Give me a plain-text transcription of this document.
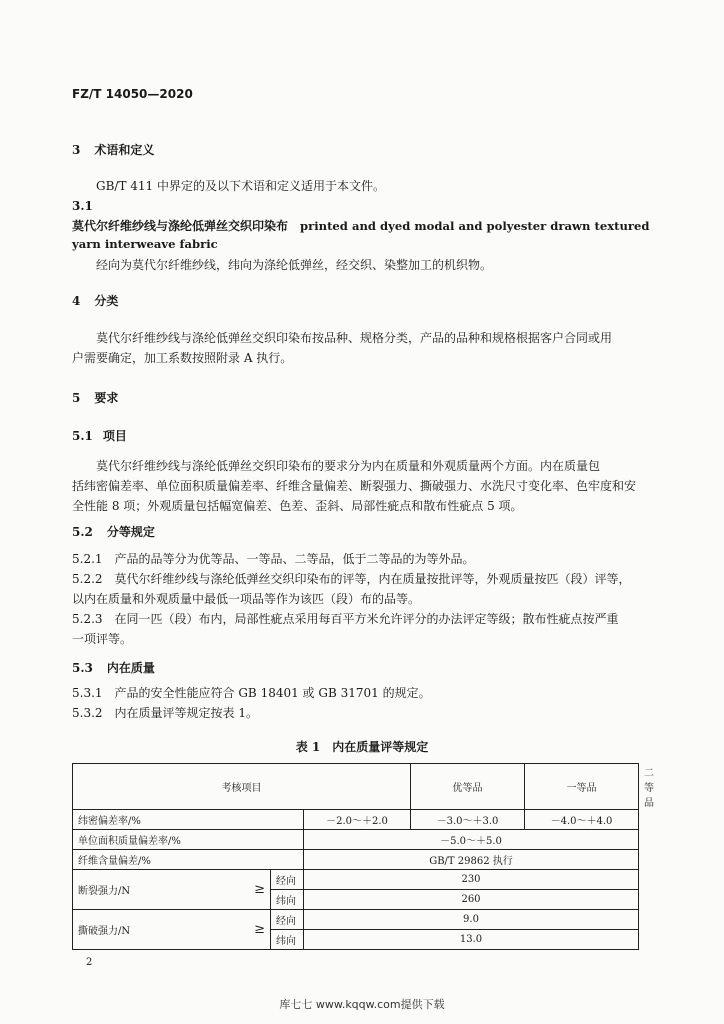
FZ/T 14050—2020
3 术语和定义
GB/T 411 中界定的及以下术语和定义适用于本文件。
3.1
莫代尔纤维纱线与涤纶低弹丝交织印染布 printed and dyed modal and polyester drawn textured
yarn interweave fabric
经向为莫代尔纤维纱线，纬向为涤纶低弹丝，经交织、染整加工的机织物。
4 分类
莫代尔纤维纱线与涤纶低弹丝交织印染布按品种、规格分类，产品的品种和规格根据客户合同或用
户需要确定，加工系数按照附录 A 执行。
5 要求
5.1 项目
莫代尔纤维纱线与涤纶低弹丝交织印染布的要求分为内在质量和外观质量两个方面。内在质量包
括纬密偏差率、单位面积质量偏差率、纤维含量偏差、断裂强力、撕破强力、水洗尺寸变化率、色牢度和安
全性能 8 项；外观质量包括幅宽偏差、色差、歪斜、局部性疵点和散布性疵点 5 项。
5.2 分等规定
5.2.1　产品的品等分为优等品、一等品、二等品，低于二等品的为等外品。
5.2.2　莫代尔纤维纱线与涤纶低弹丝交织印染布的评等，内在质量按批评等，外观质量按匹（段）评等，
以内在质量和外观质量中最低一项品等作为该匹（段）布的品等。
5.2.3　在同一匹（段）布内，局部性疵点采用每百平方米允许评分的办法评定等级；散布性疵点按严重
一项评等。
5.3 内在质量
5.3.1　产品的安全性能应符合 GB 18401 或 GB 31701 的规定。
5.3.2　内在质量评等规定按表 1。
表 1　内在质量评等规定
考核项目			优等品	一等品	二等品
纬密偏差率/%		－2.0～＋2.0	－3.0～＋3.0	－4.0～＋4.0	
单位面积质量偏差率/%		－5.0～＋5.0			
纤维含量偏差/%		GB/T 29862 执行			
断裂强力/N ≥	经向	230			
	纬向	260			
撕破强力/N ≥	经向	9.0			
	纬向	13.0			
2
库七七 www.kqqw.com提供下载
